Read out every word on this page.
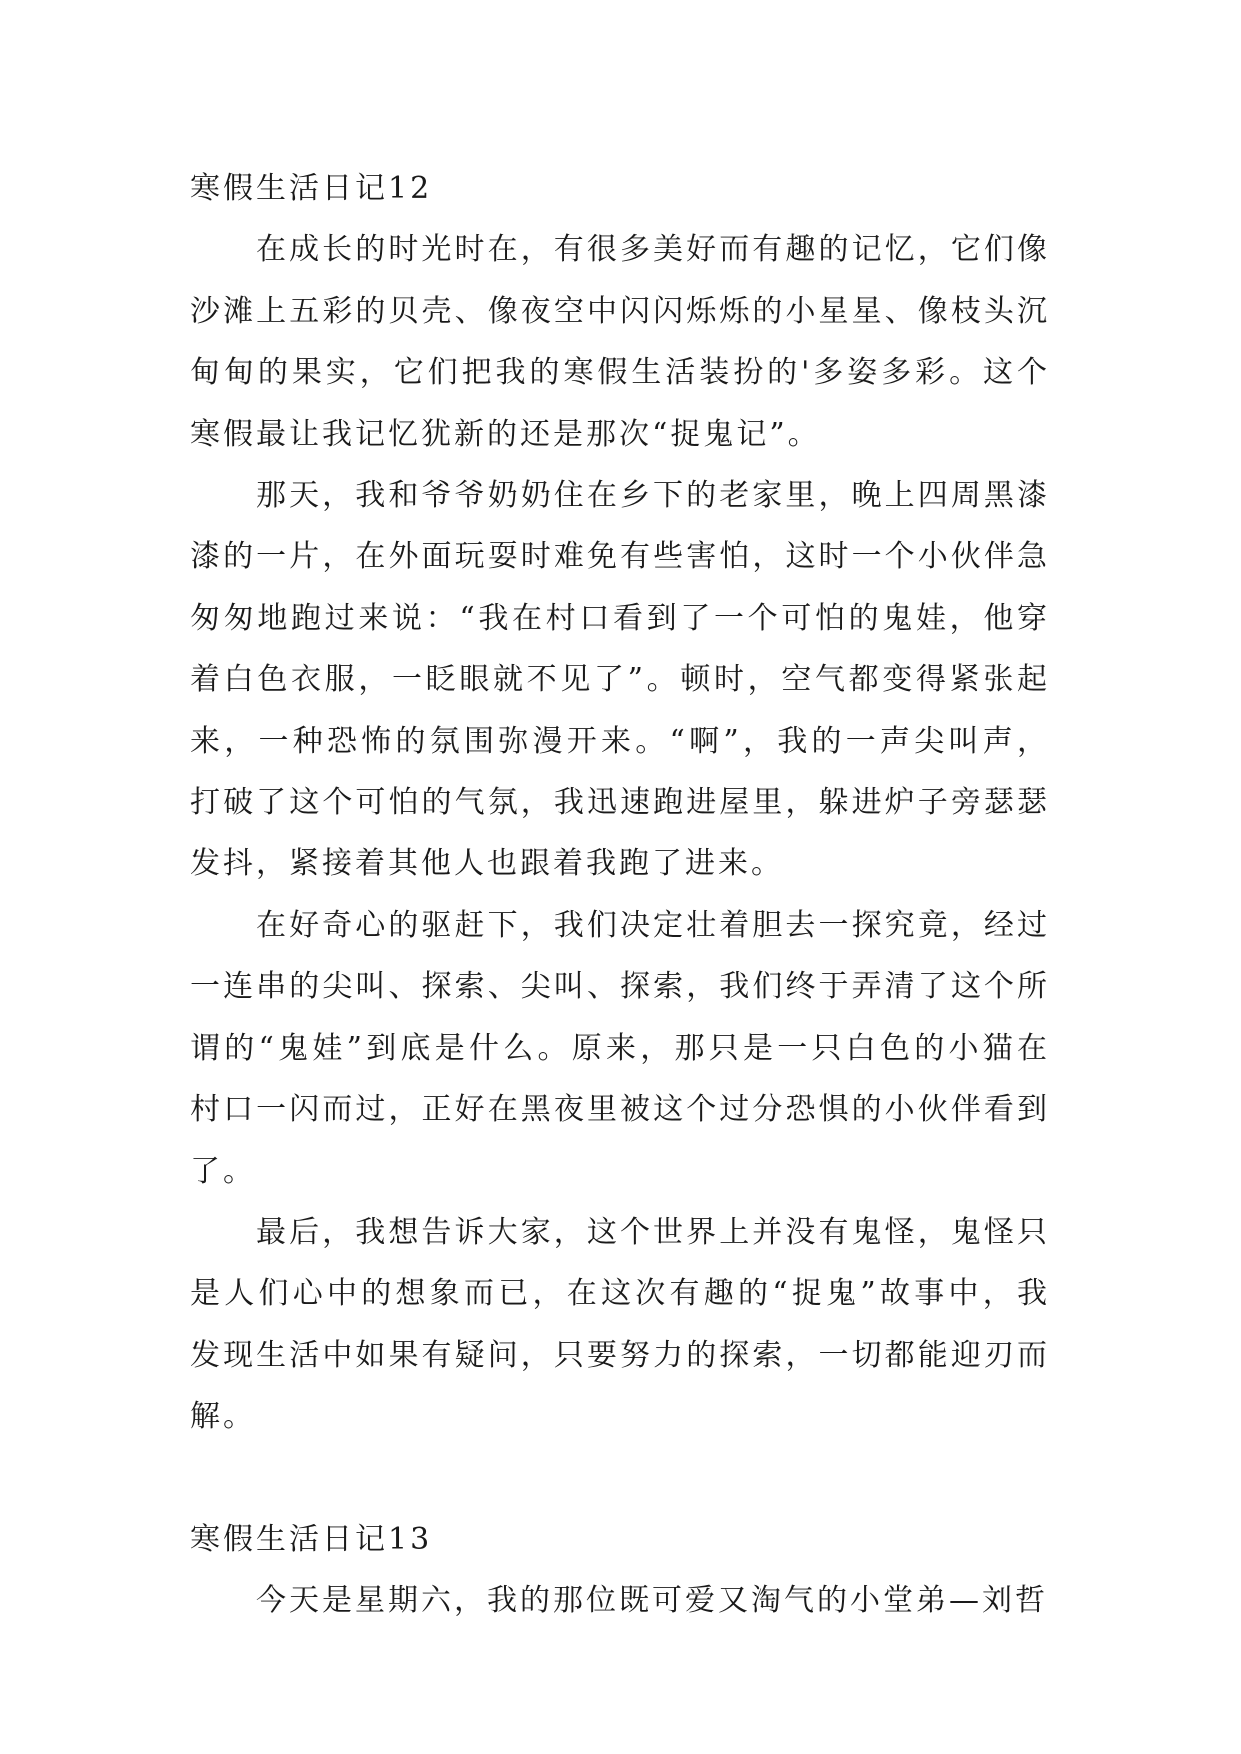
寒假生活日记12

在成长的时光时在，有很多美好而有趣的记忆，它们像沙滩上五彩的贝壳、像夜空中闪闪烁烁的小星星、像枝头沉甸甸的果实，它们把我的寒假生活装扮的'多姿多彩。这个寒假最让我记忆犹新的还是那次“捉鬼记”。

那天，我和爷爷奶奶住在乡下的老家里，晚上四周黑漆漆的一片，在外面玩耍时难免有些害怕，这时一个小伙伴急匆匆地跑过来说：“我在村口看到了一个可怕的鬼娃，他穿着白色衣服，一眨眼就不见了”。顿时，空气都变得紧张起来，一种恐怖的氛围弥漫开来。“啊”，我的一声尖叫声，打破了这个可怕的气氛，我迅速跑进屋里，躲进炉子旁瑟瑟发抖，紧接着其他人也跟着我跑了进来。

在好奇心的驱赶下，我们决定壮着胆去一探究竟，经过一连串的尖叫、探索、尖叫、探索，我们终于弄清了这个所谓的“鬼娃”到底是什么。原来，那只是一只白色的小猫在村口一闪而过，正好在黑夜里被这个过分恐惧的小伙伴看到了。

最后，我想告诉大家，这个世界上并没有鬼怪，鬼怪只是人们心中的想象而已，在这次有趣的“捉鬼”故事中，我发现生活中如果有疑问，只要努力的探索，一切都能迎刃而解。

寒假生活日记13

今天是星期六，我的那位既可爱又淘气的小堂弟—刘哲
